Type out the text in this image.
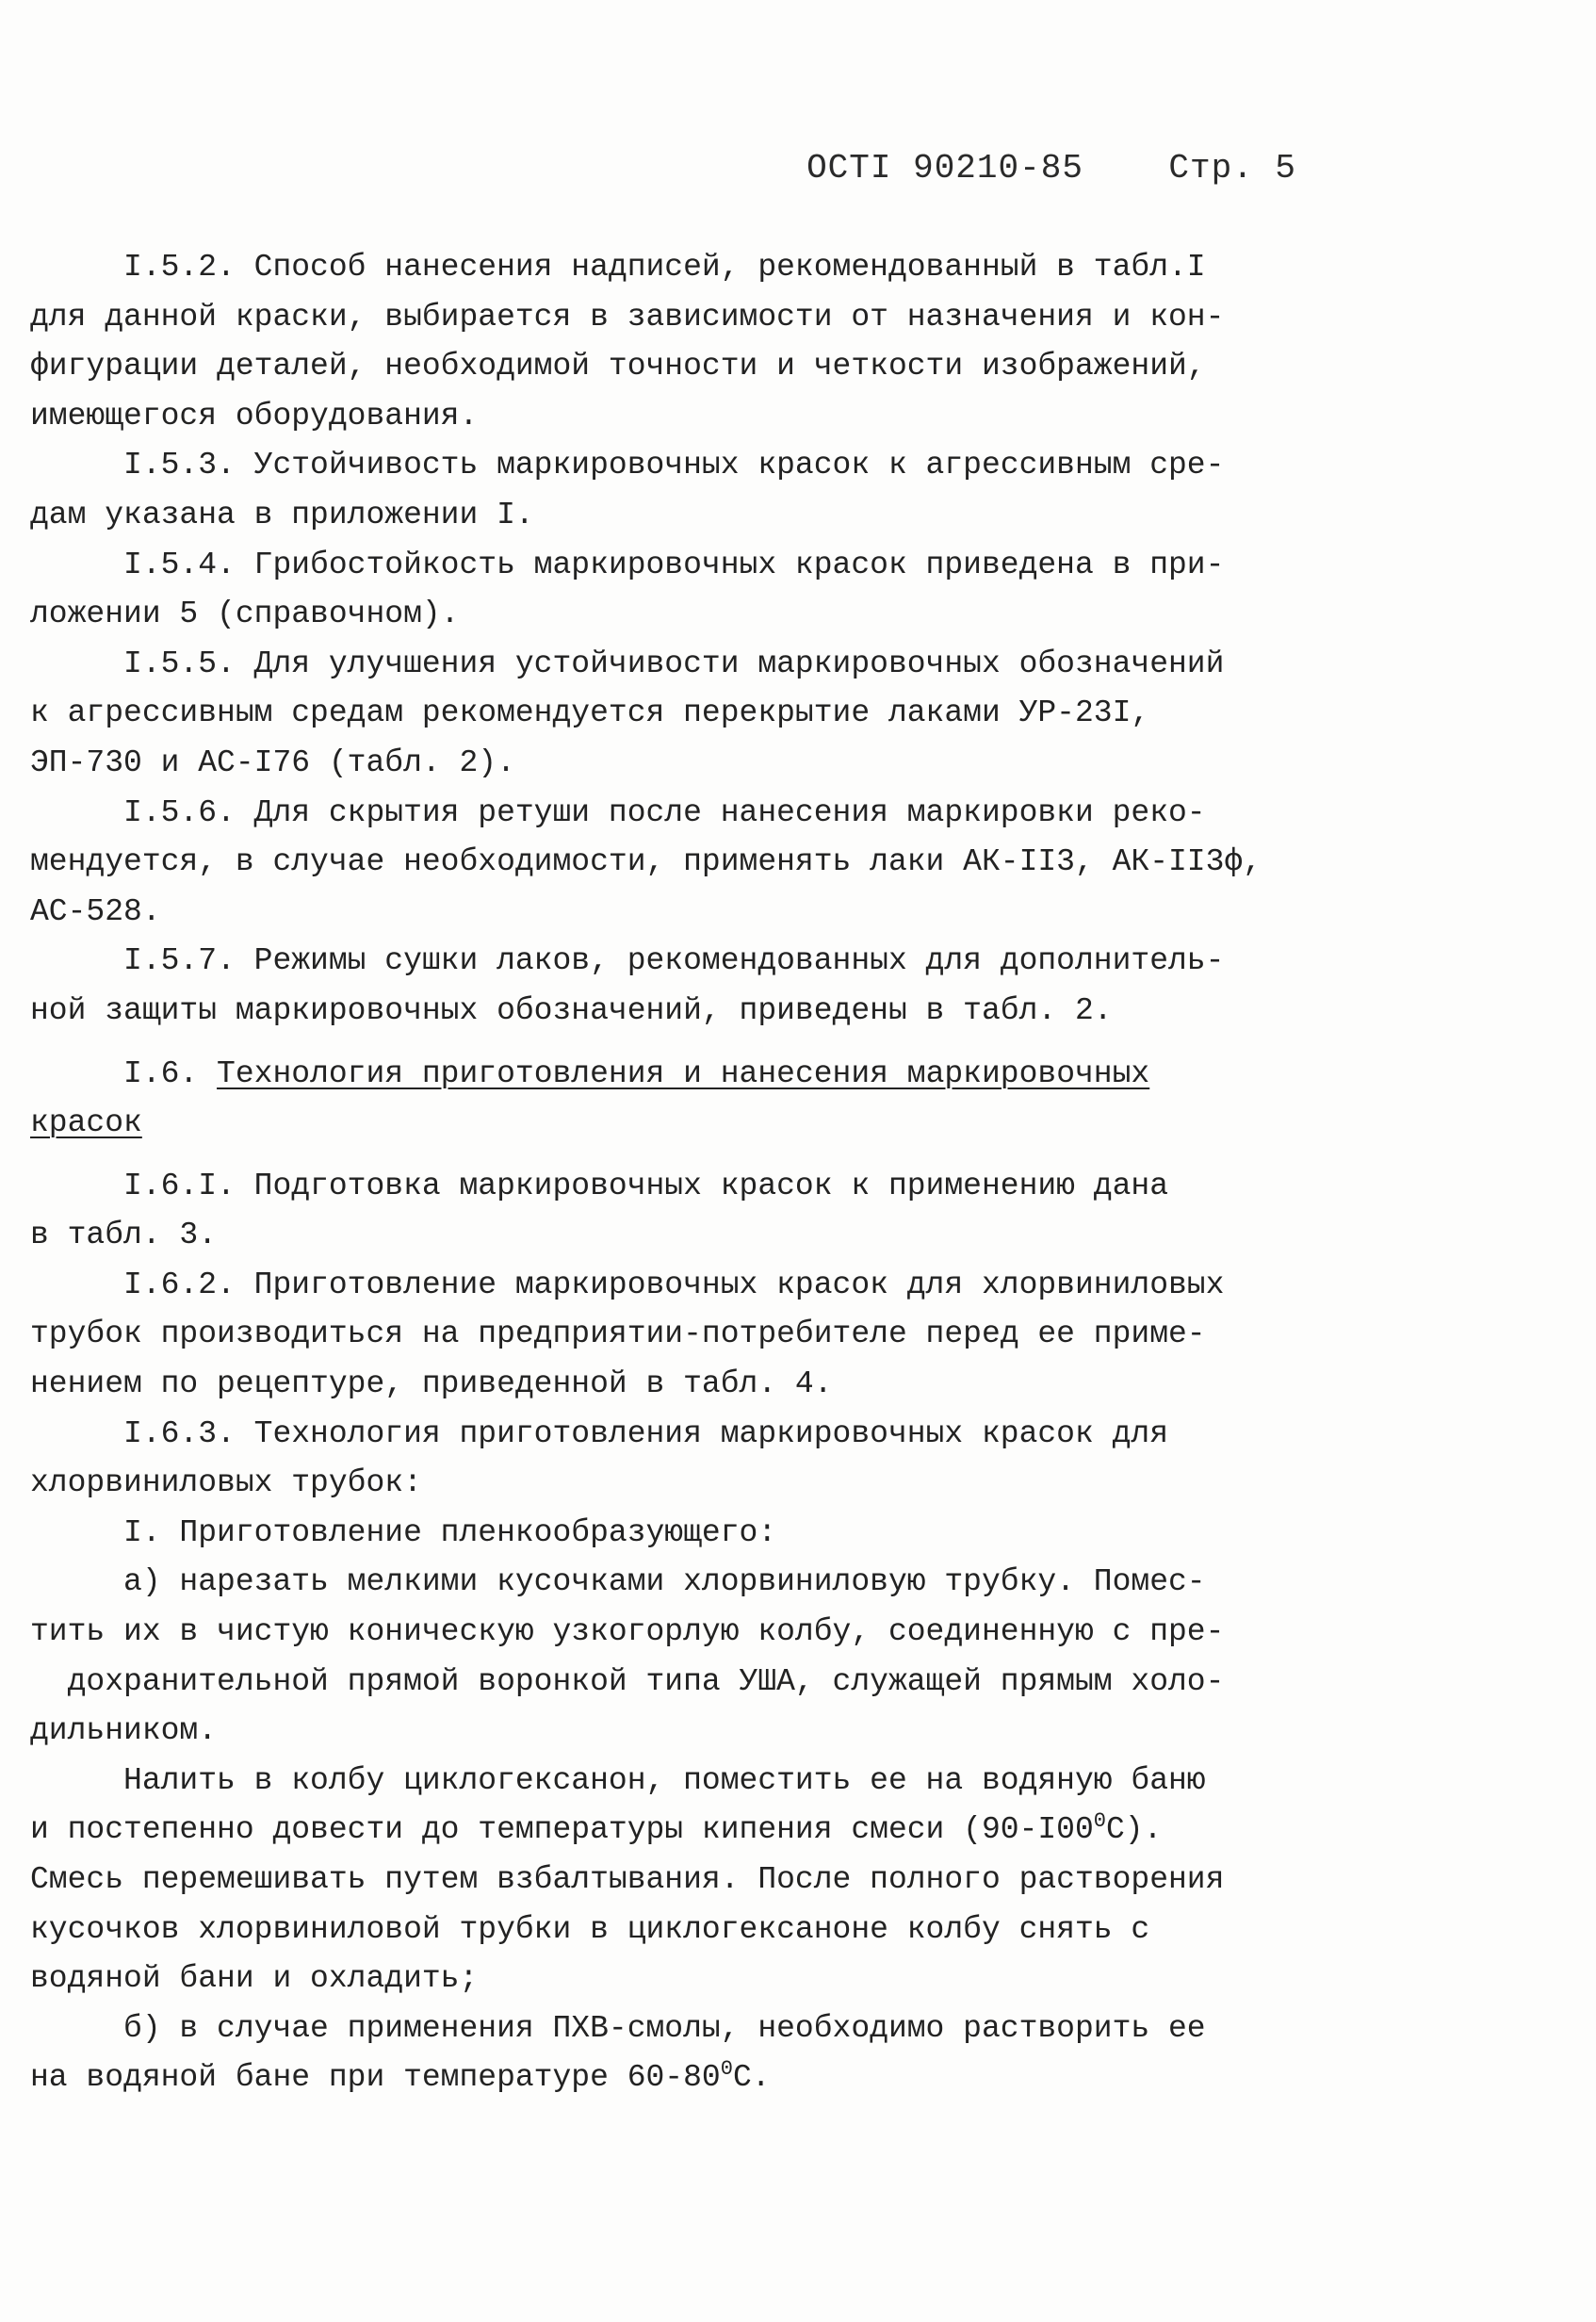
ОСТI 90210-85	Стр. 5
I.5.2. Способ нанесения надписей, рекомендованный в табл.I
для данной краски, выбирается в зависимости от назначения и кон-
фигурации деталей, необходимой точности и четкости изображений,
имеющегося оборудования.
I.5.3. Устойчивость маркировочных красок к агрессивным сре-
дам указана в приложении I.
I.5.4. Грибостойкость маркировочных красок приведена в при-
ложении 5 (справочном).
I.5.5. Для улучшения устойчивости маркировочных обозначений
к агрессивным средам рекомендуется перекрытие лаками УР-23I,
ЭП-730 и АС-I76 (табл. 2).
I.5.6. Для скрытия ретуши после нанесения маркировки реко-
мендуется, в случае необходимости, применять лаки АК-II3, АК-II3ф,
АС-528.
I.5.7. Режимы сушки лаков, рекомендованных для дополнитель-
ной защиты маркировочных обозначений, приведены в табл. 2.
I.6. Технология приготовления и нанесения маркировочных
красок
I.6.I. Подготовка маркировочных красок к применению дана
в табл. 3.
I.6.2. Приготовление маркировочных красок для хлорвиниловых
трубок производиться на предприятии-потребителе перед ее приме-
нением по рецептуре, приведенной в табл. 4.
I.6.3. Технология приготовления маркировочных красок для
хлорвиниловых трубок:
I. Приготовление пленкообразующего:
а) нарезать мелкими кусочками хлорвиниловую трубку. Помес-
тить их в чистую коническую узкогорлую колбу, соединенную с пре-
дохранительной прямой воронкой типа УША, служащей прямым холо-
дильником.
Налить в колбу циклогексанон, поместить ее на водяную баню
и постепенно довести до температуры кипения смеси $(90-I00^0С)$.
Смесь перемешивать путем взбалтывания. После полного растворения
кусочков хлорвиниловой трубки в циклогексаноне колбу снять с
водяной бани и охладить;
б) в случае применения ПХВ-смолы, необходимо растворить ее
на водяной бане при температуре $60-80^0С$.
